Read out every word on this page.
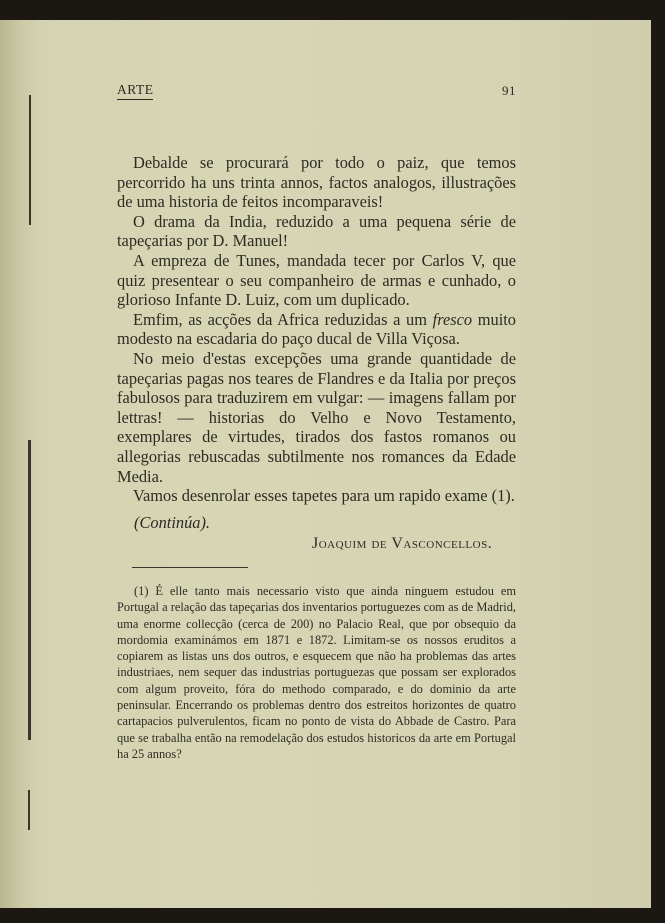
ARTE	91

Debalde se procurará por todo o paiz, que temos percorrido ha uns trinta annos, factos analogos, illustrações de uma historia de feitos incomparaveis!

O drama da India, reduzido a uma pequena série de tapeçarias por D. Manuel!

A empreza de Tunes, mandada tecer por Carlos V, que quiz presentear o seu companheiro de armas e cunhado, o glorioso Infante D. Luiz, com um duplicado.

Emfim, as acções da Africa reduzidas a um fresco muito modesto na escadaria do paço ducal de Villa Viçosa.

No meio d'estas excepções uma grande quantidade de tapeçarias pagas nos teares de Flandres e da Italia por preços fabulosos para traduzirem em vulgar: — imagens fallam por lettras! — historias do Velho e Novo Testamento, exemplares de virtudes, tirados dos fastos romanos ou allegorias rebuscadas subtilmente nos romances da Edade Media.

Vamos desenrolar esses tapetes para um rapido exame (1).

(Continúa).
Joaquim de Vasconcellos.

(1) É elle tanto mais necessario visto que ainda ninguem estudou em Portugal a relação das tapeçarias dos inventarios portuguezes com as de Madrid, uma enorme collecção (cerca de 200) no Palacio Real, que por obsequio da mordomia examinámos em 1871 e 1872. Limitam-se os nossos eruditos a copiarem as listas uns dos outros, e esquecem que não ha problemas das artes industriaes, nem sequer das industrias portuguezas que possam ser explorados com algum proveito, fóra do methodo comparado, e do dominio da arte peninsular. Encerrando os problemas dentro dos estreitos horizontes de quatro cartapacios pulverulentos, ficam no ponto de vista do Abbade de Castro. Para que se trabalha então na remodelação dos estudos historicos da arte em Portugal ha 25 annos?
